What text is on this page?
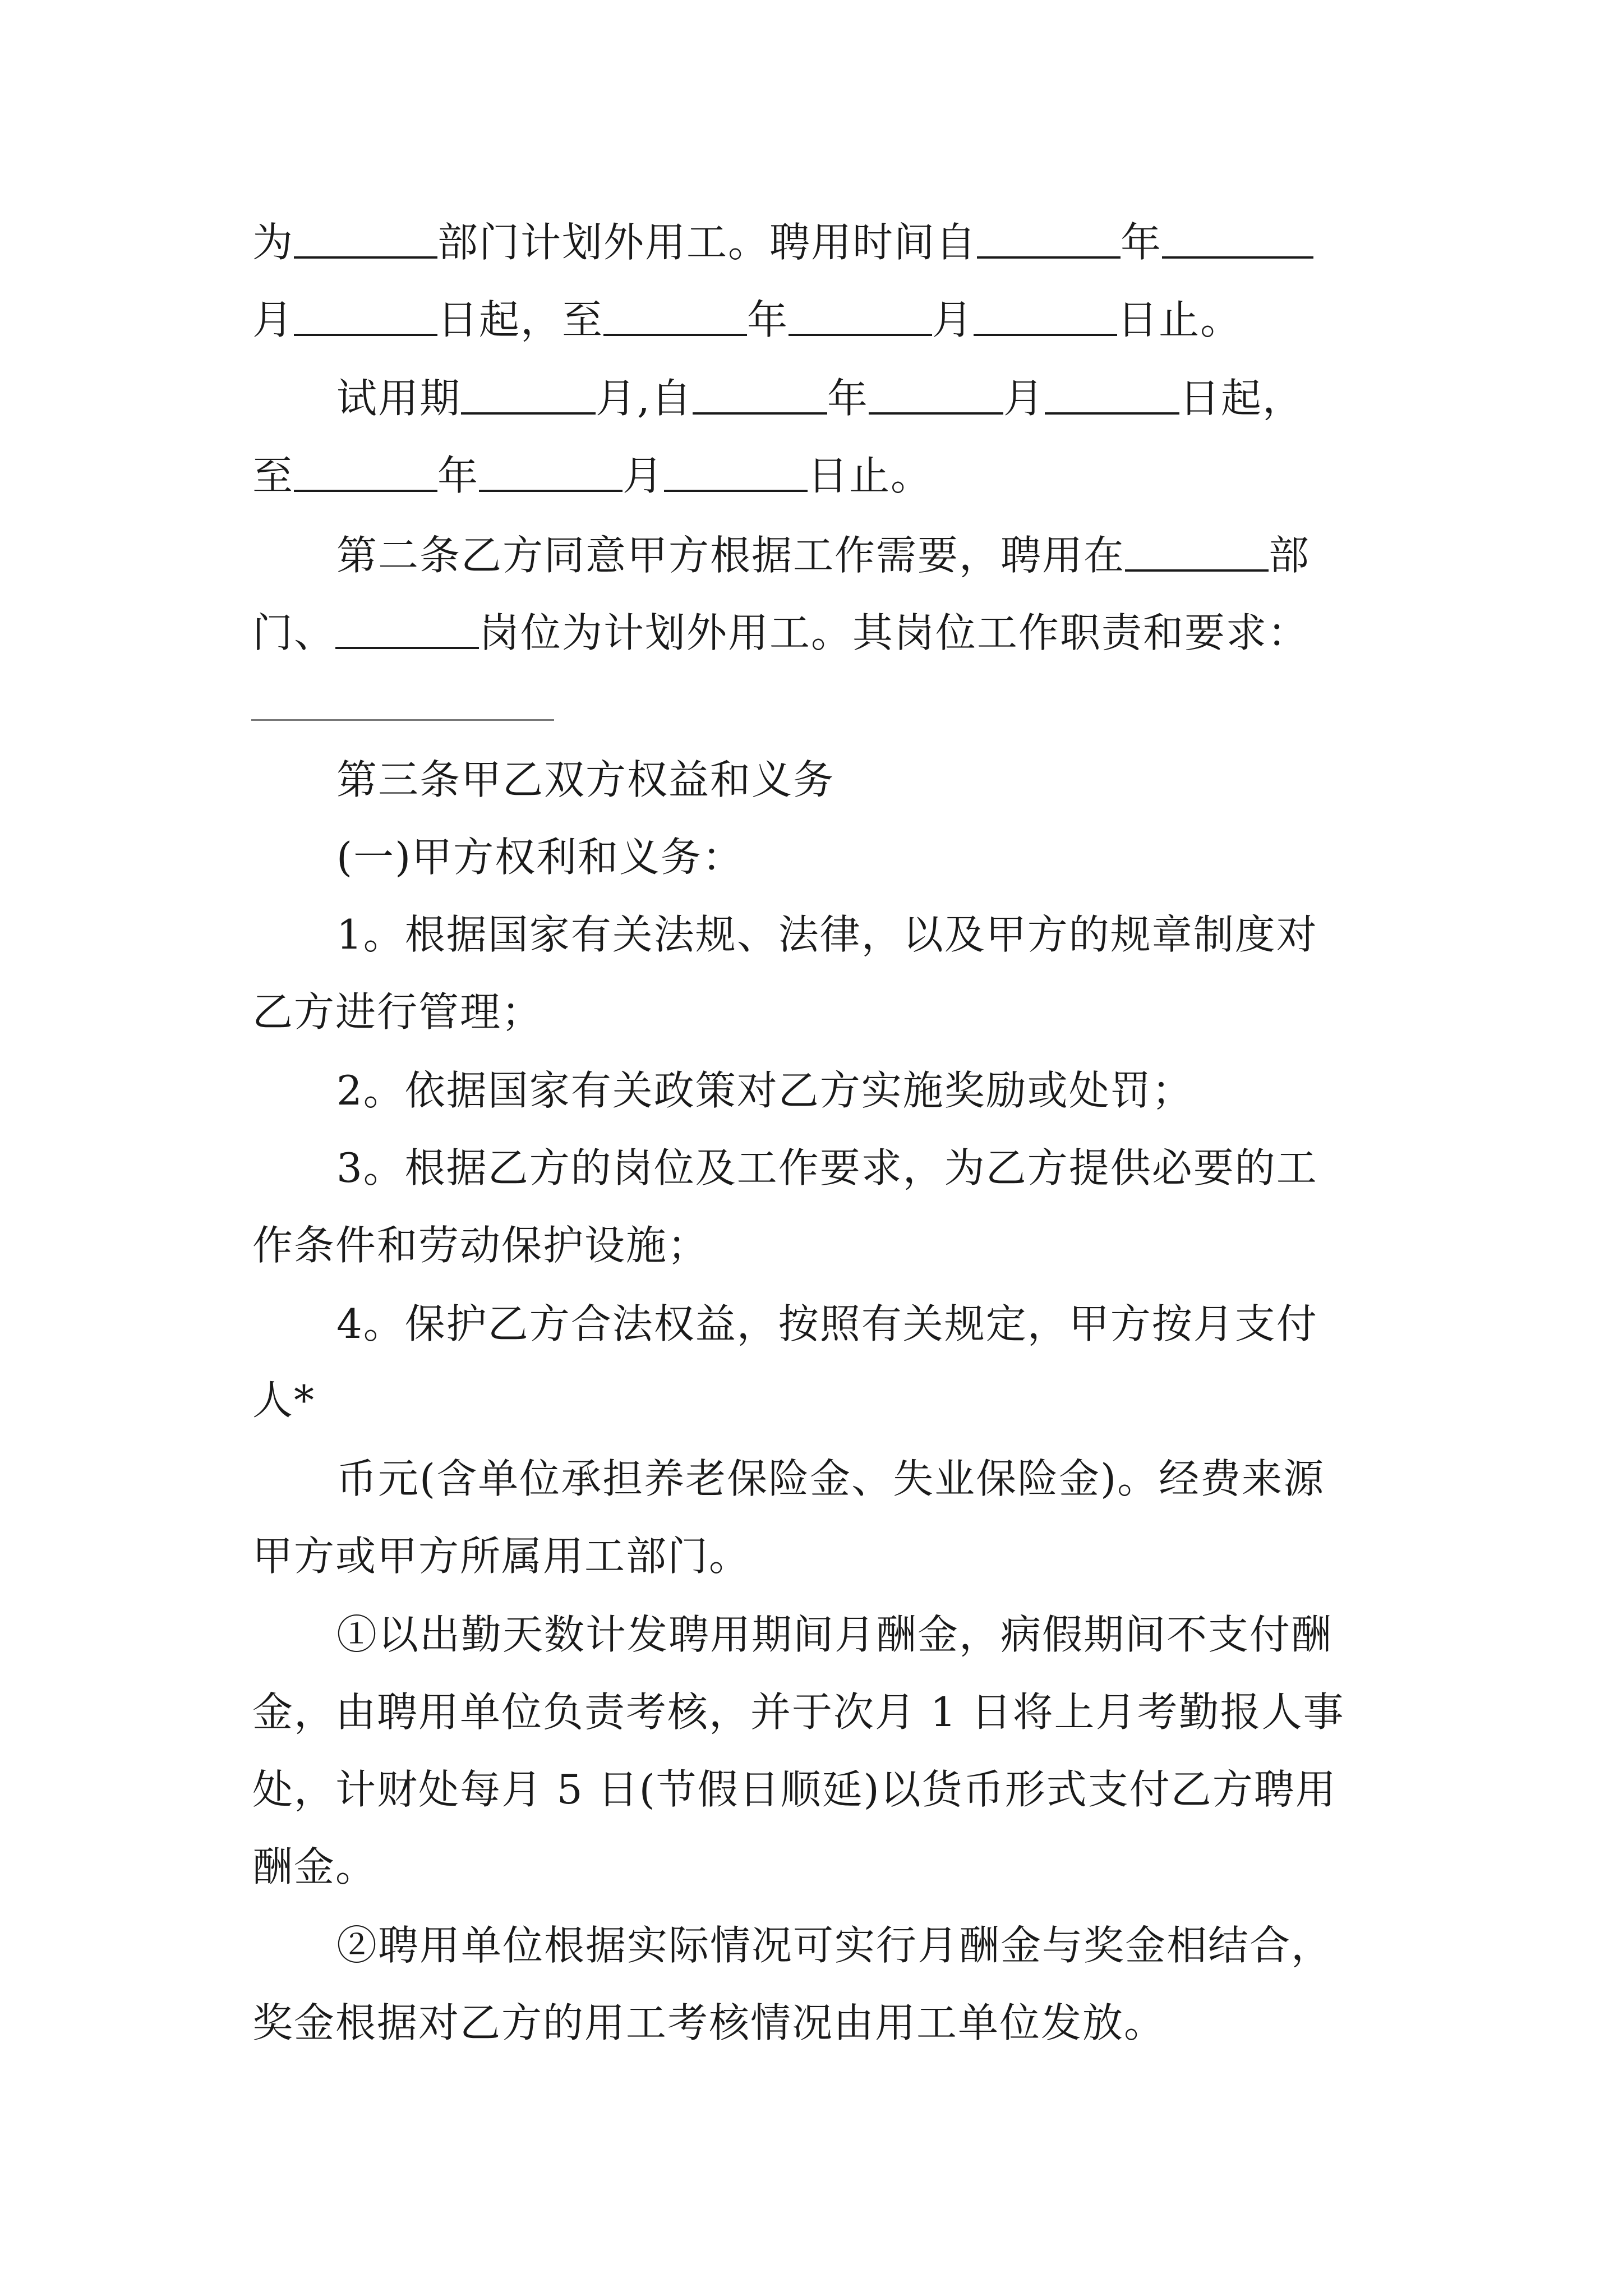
为	部门计划外用工。聘用时间自	年
月	日起，至	年	月	日止。
试用期	月,自	年	月	日起，
至	年	月	日止。
第二条乙方同意甲方根据工作需要，聘用在	部
门、	岗位为计划外用工。其岗位工作职责和要求：
第三条甲乙双方权益和义务
(一)甲方权利和义务：
1。根据国家有关法规、法律，以及甲方的规章制度对
乙方进行管理；
2。依据国家有关政策对乙方实施奖励或处罚；
3。根据乙方的岗位及工作要求，为乙方提供必要的工
作条件和劳动保护设施；
4。保护乙方合法权益，按照有关规定，甲方按月支付
人*
币元(含单位承担养老保险金、失业保险金)。经费来源
甲方或甲方所属用工部门。
①以出勤天数计发聘用期间月酬金，病假期间不支付酬
金，由聘用单位负责考核，并于次月 1 日将上月考勤报人事
处，计财处每月 5 日(节假日顺延)以货币形式支付乙方聘用
酬金。
②聘用单位根据实际情况可实行月酬金与奖金相结合，
奖金根据对乙方的用工考核情况由用工单位发放。
